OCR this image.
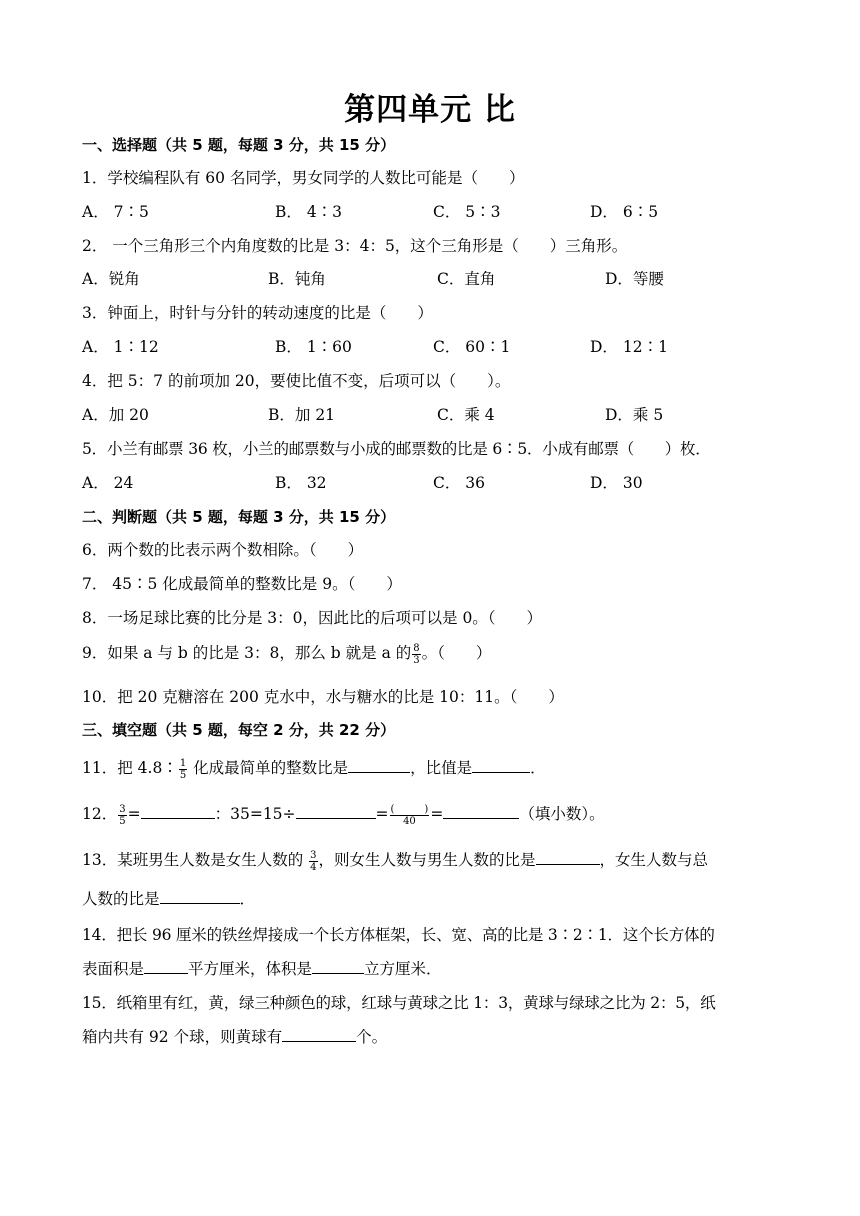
第四单元 比
一、选择题（共 5 题，每题 3 分，共 15 分）
1．学校编程队有 60 名同学，男女同学的人数比可能是（　　）
A． 7∶5	B． 4∶3	C． 5∶3	D． 6∶5
2． 一个三角形三个内角度数的比是 3：4：5，这个三角形是（　　）三角形。
A．锐角	B．钝角	C．直角	D．等腰
3．钟面上，时针与分针的转动速度的比是（　　）
A． 1∶12	B． 1∶60	C． 60∶1	D． 12∶1
4．把 5：7 的前项加 20，要使比值不变，后项可以（　　）。
A．加 20	B．加 21	C．乘 4	D．乘 5
5．小兰有邮票 36 枚，小兰的邮票数与小成的邮票数的比是 6∶5．小成有邮票（　　）枚．
A． 24	B． 32	C． 36	D． 30
二、判断题（共 5 题，每题 3 分，共 15 分）
6．两个数的比表示两个数相除。（　　）
7． 45∶5 化成最简单的整数比是 9。（　　）
8．一场足球比赛的比分是 3：0，因此比的后项可以是 0。（　　）
9．如果 a 与 b 的比是 3：8，那么 b 就是 a 的 $\frac{8}{3}$ 。（　　）
10．把 20 克糖溶在 200 克水中，水与糖水的比是 10：11。（　　）
三、填空题（共 5 题，每空 2 分，共 22 分）
11．把 4.8∶ $\frac{1}{5}$ 化成最简单的整数比是	，比值是	．
12． $\frac{3}{5}$ =	：35=15÷	= $\frac{( )}{40}$ =	（填小数）。
13．某班男生人数是女生人数的 $\frac{3}{4}$ ，则女生人数与男生人数的比是	，女生人数与总
人数的比是	．
14．把长 96 厘米的铁丝焊接成一个长方体框架，长、宽、高的比是 3∶2∶1．这个长方体的
表面积是	平方厘米，体积是	立方厘米．
15．纸箱里有红，黄，绿三种颜色的球，红球与黄球之比 1：3，黄球与绿球之比为 2：5，纸
箱内共有 92 个球，则黄球有	个。
